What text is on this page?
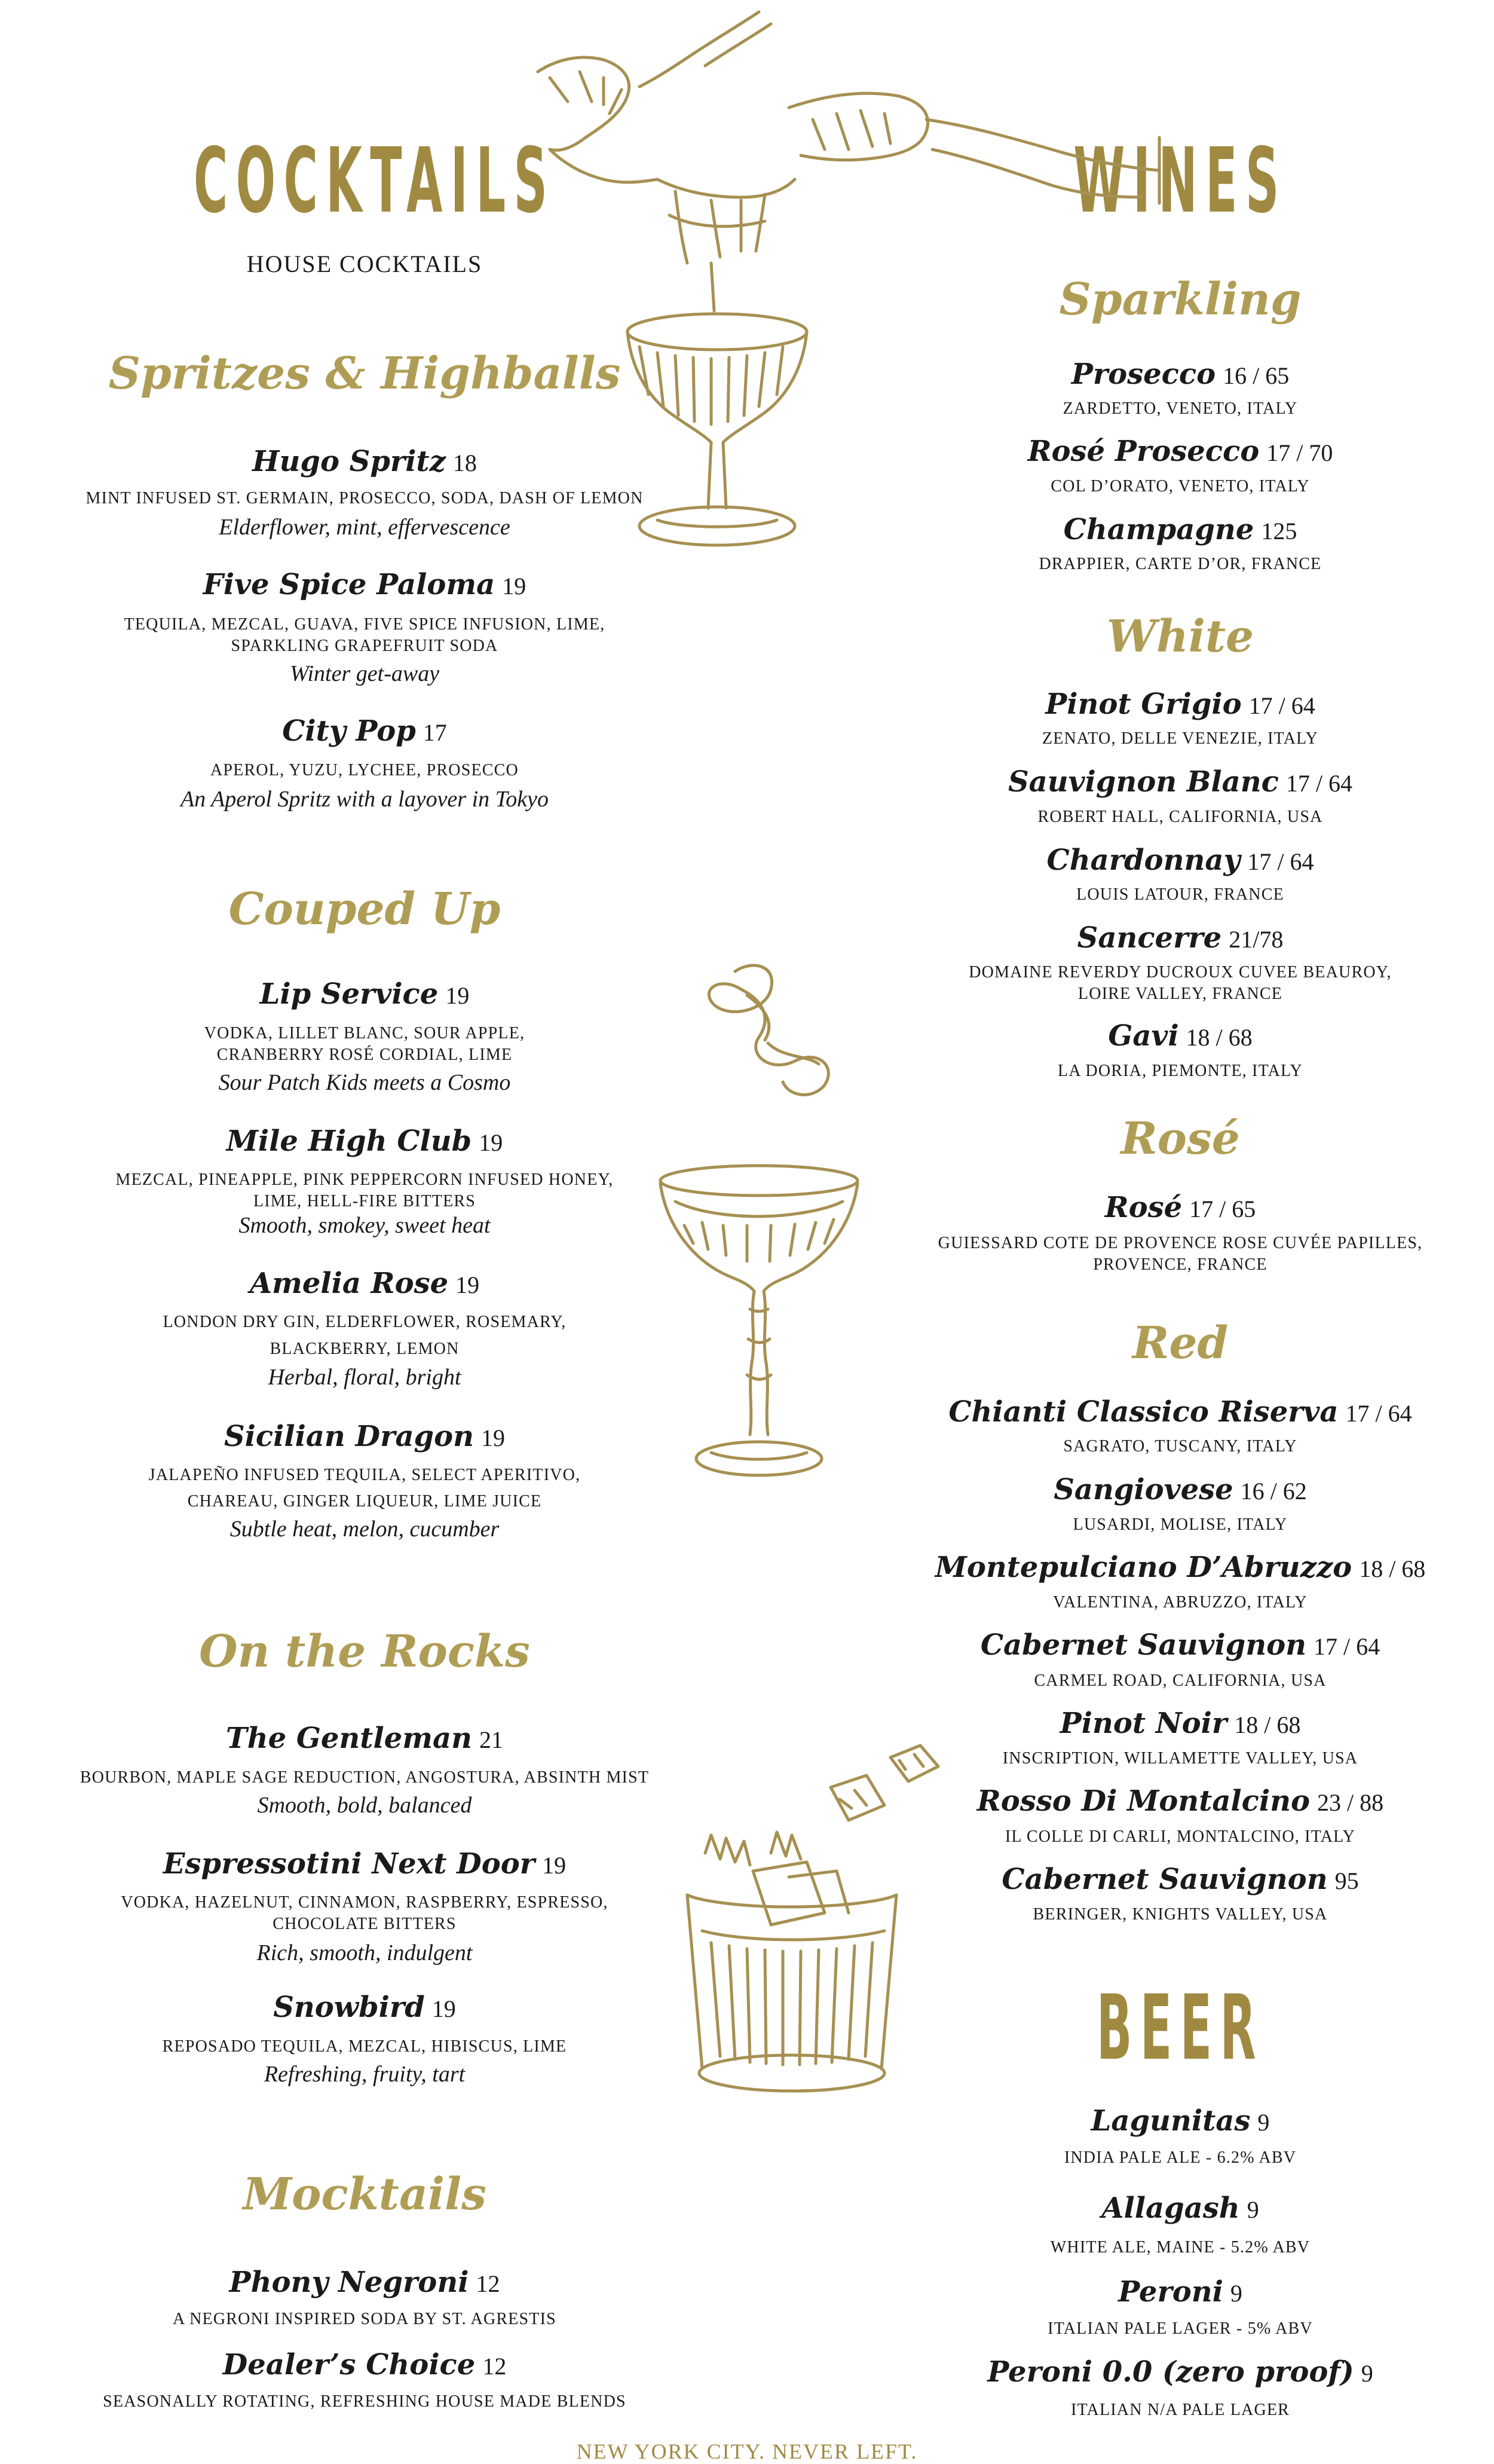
COCKTAILS
HOUSE COCKTAILS
Spritzes & Highballs
Hugo Spritz 18
MINT INFUSED ST. GERMAIN, PROSECCO, SODA, DASH OF LEMON
Elderflower, mint, effervescence
Five Spice Paloma 19
TEQUILA, MEZCAL, GUAVA, FIVE SPICE INFUSION, LIME,
SPARKLING GRAPEFRUIT SODA
Winter get-away
City Pop 17
APEROL, YUZU, LYCHEE, PROSECCO
An Aperol Spritz with a layover in Tokyo
Couped Up
Lip Service 19
VODKA, LILLET BLANC, SOUR APPLE,
CRANBERRY ROSÉ CORDIAL, LIME
Sour Patch Kids meets a Cosmo
Mile High Club 19
MEZCAL, PINEAPPLE, PINK PEPPERCORN INFUSED HONEY,
LIME, HELL-FIRE BITTERS
Smooth, smokey, sweet heat
Amelia Rose 19
LONDON DRY GIN, ELDERFLOWER, ROSEMARY,
BLACKBERRY, LEMON
Herbal, floral, bright
Sicilian Dragon 19
JALAPEÑO INFUSED TEQUILA, SELECT APERITIVO,
CHAREAU, GINGER LIQUEUR, LIME JUICE
Subtle heat, melon, cucumber
On the Rocks
The Gentleman 21
BOURBON, MAPLE SAGE REDUCTION, ANGOSTURA, ABSINTH MIST
Smooth, bold, balanced
Espressotini Next Door 19
VODKA, HAZELNUT, CINNAMON, RASPBERRY, ESPRESSO,
CHOCOLATE BITTERS
Rich, smooth, indulgent
Snowbird 19
REPOSADO TEQUILA, MEZCAL, HIBISCUS, LIME
Refreshing, fruity, tart
Mocktails
Phony Negroni 12
A NEGRONI INSPIRED SODA BY ST. AGRESTIS
Dealer’s Choice 12
SEASONALLY ROTATING, REFRESHING HOUSE MADE BLENDS
WINES
Sparkling
Prosecco 16 / 65
ZARDETTO, VENETO, ITALY
Rosé Prosecco 17 / 70
COL D’ORATO, VENETO, ITALY
Champagne 125
DRAPPIER, CARTE D’OR, FRANCE
White
Pinot Grigio 17 / 64
ZENATO, DELLE VENEZIE, ITALY
Sauvignon Blanc 17 / 64
ROBERT HALL, CALIFORNIA, USA
Chardonnay 17 / 64
LOUIS LATOUR, FRANCE
Sancerre 21/78
DOMAINE REVERDY DUCROUX CUVEE BEAUROY,
LOIRE VALLEY, FRANCE
Gavi 18 / 68
LA DORIA, PIEMONTE, ITALY
Rosé
Rosé 17 / 65
GUIESSARD COTE DE PROVENCE ROSE CUVÉE PAPILLES,
PROVENCE, FRANCE
Red
Chianti Classico Riserva 17 / 64
SAGRATO, TUSCANY, ITALY
Sangiovese 16 / 62
LUSARDI, MOLISE, ITALY
Montepulciano D’Abruzzo 18 / 68
VALENTINA, ABRUZZO, ITALY
Cabernet Sauvignon 17 / 64
CARMEL ROAD, CALIFORNIA, USA
Pinot Noir 18 / 68
INSCRIPTION, WILLAMETTE VALLEY, USA
Rosso Di Montalcino 23 / 88
IL COLLE DI CARLI, MONTALCINO, ITALY
Cabernet Sauvignon 95
BERINGER, KNIGHTS VALLEY, USA
BEER
Lagunitas 9
INDIA PALE ALE - 6.2% ABV
Allagash 9
WHITE ALE, MAINE - 5.2% ABV
Peroni 9
ITALIAN PALE LAGER - 5% ABV
Peroni 0.0 (zero proof) 9
ITALIAN N/A PALE LAGER
NEW YORK CITY. NEVER LEFT.
